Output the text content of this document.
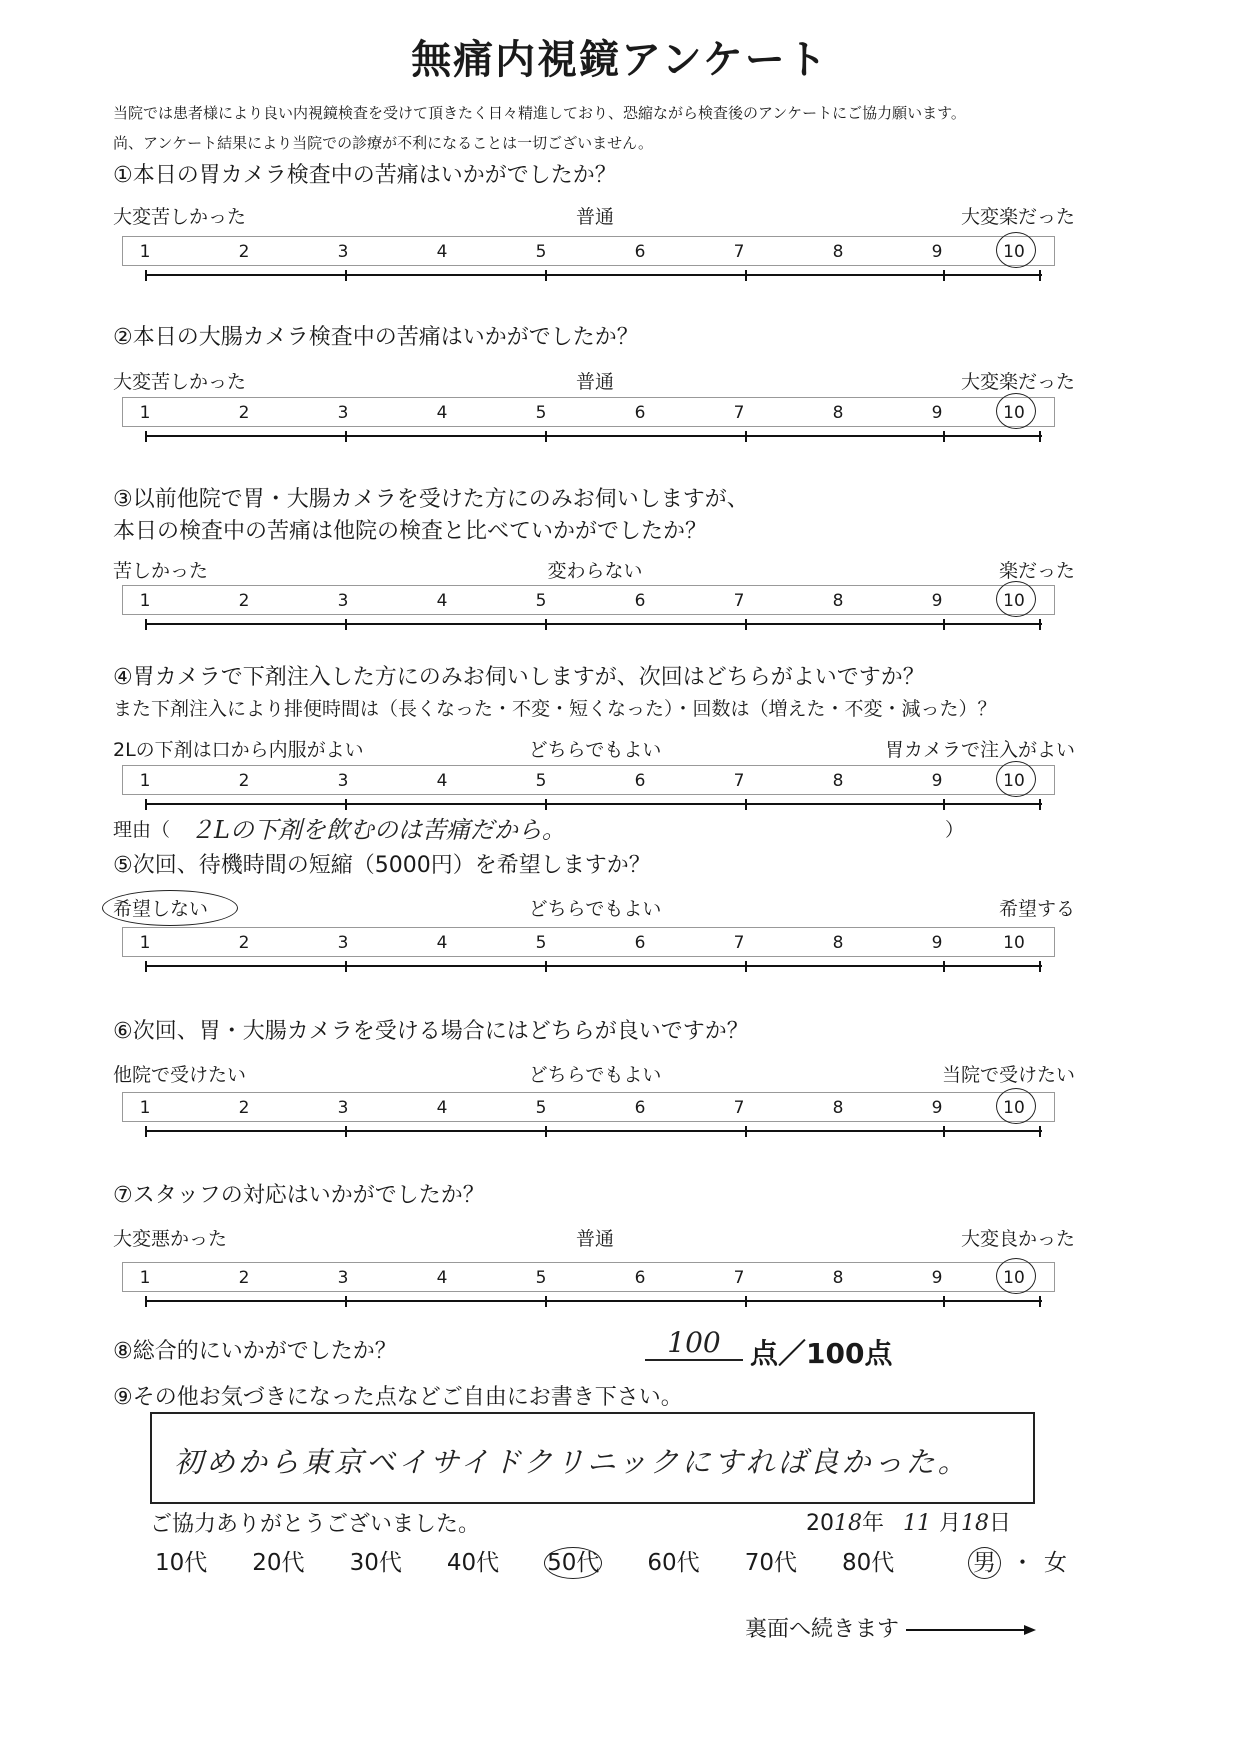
無痛内視鏡アンケート
当院では患者様により良い内視鏡検査を受けて頂きたく日々精進しており、恐縮ながら検査後のアンケートにご協力願います。
尚、アンケート結果により当院での診療が不利になることは一切ございません。
①本日の胃カメラ検査中の苦痛はいかがでしたか？
大変苦しかった	普通	大変楽だった
1	2	3	4	5	6	7	8	9	10
②本日の大腸カメラ検査中の苦痛はいかがでしたか？
大変苦しかった	普通	大変楽だった
1	2	3	4	5	6	7	8	9	10
③以前他院で胃・大腸カメラを受けた方にのみお伺いしますが、
本日の検査中の苦痛は他院の検査と比べていかがでしたか？
苦しかった	変わらない	楽だった
1	2	3	4	5	6	7	8	9	10
④胃カメラで下剤注入した方にのみお伺いしますが、次回はどちらがよいですか？
また下剤注入により排便時間は（長くなった・不変・短くなった）・回数は（増えた・不変・減った）？
2Lの下剤は口から内服がよい	どちらでもよい	胃カメラで注入がよい
1	2	3	4	5	6	7	8	9	10
⑤次回、待機時間の短縮（5000円）を希望しますか？
希望しない	どちらでもよい	希望する
1	2	3	4	5	6	7	8	9	10
⑥次回、胃・大腸カメラを受ける場合にはどちらが良いですか？
他院で受けたい	どちらでもよい	当院で受けたい
1	2	3	4	5	6	7	8	9	10
⑦スタッフの対応はいかがでしたか？
大変悪かった	普通	大変良かった
1	2	3	4	5	6	7	8	9	10
理由（ ２Lの下剤を飲むのは苦痛だから。	）
⑧総合的にいかがでしたか？	100	点／100点
⑨その他お気づきになった点などご自由にお書き下さい。
初めから東京ベイサイドクリニックにすれば良かった。
ご協力ありがとうございました。	2018年 11 月18日
10代 20代 30代 40代 50代 60代 70代 80代	男 ・ 女
裏面へ続きます
